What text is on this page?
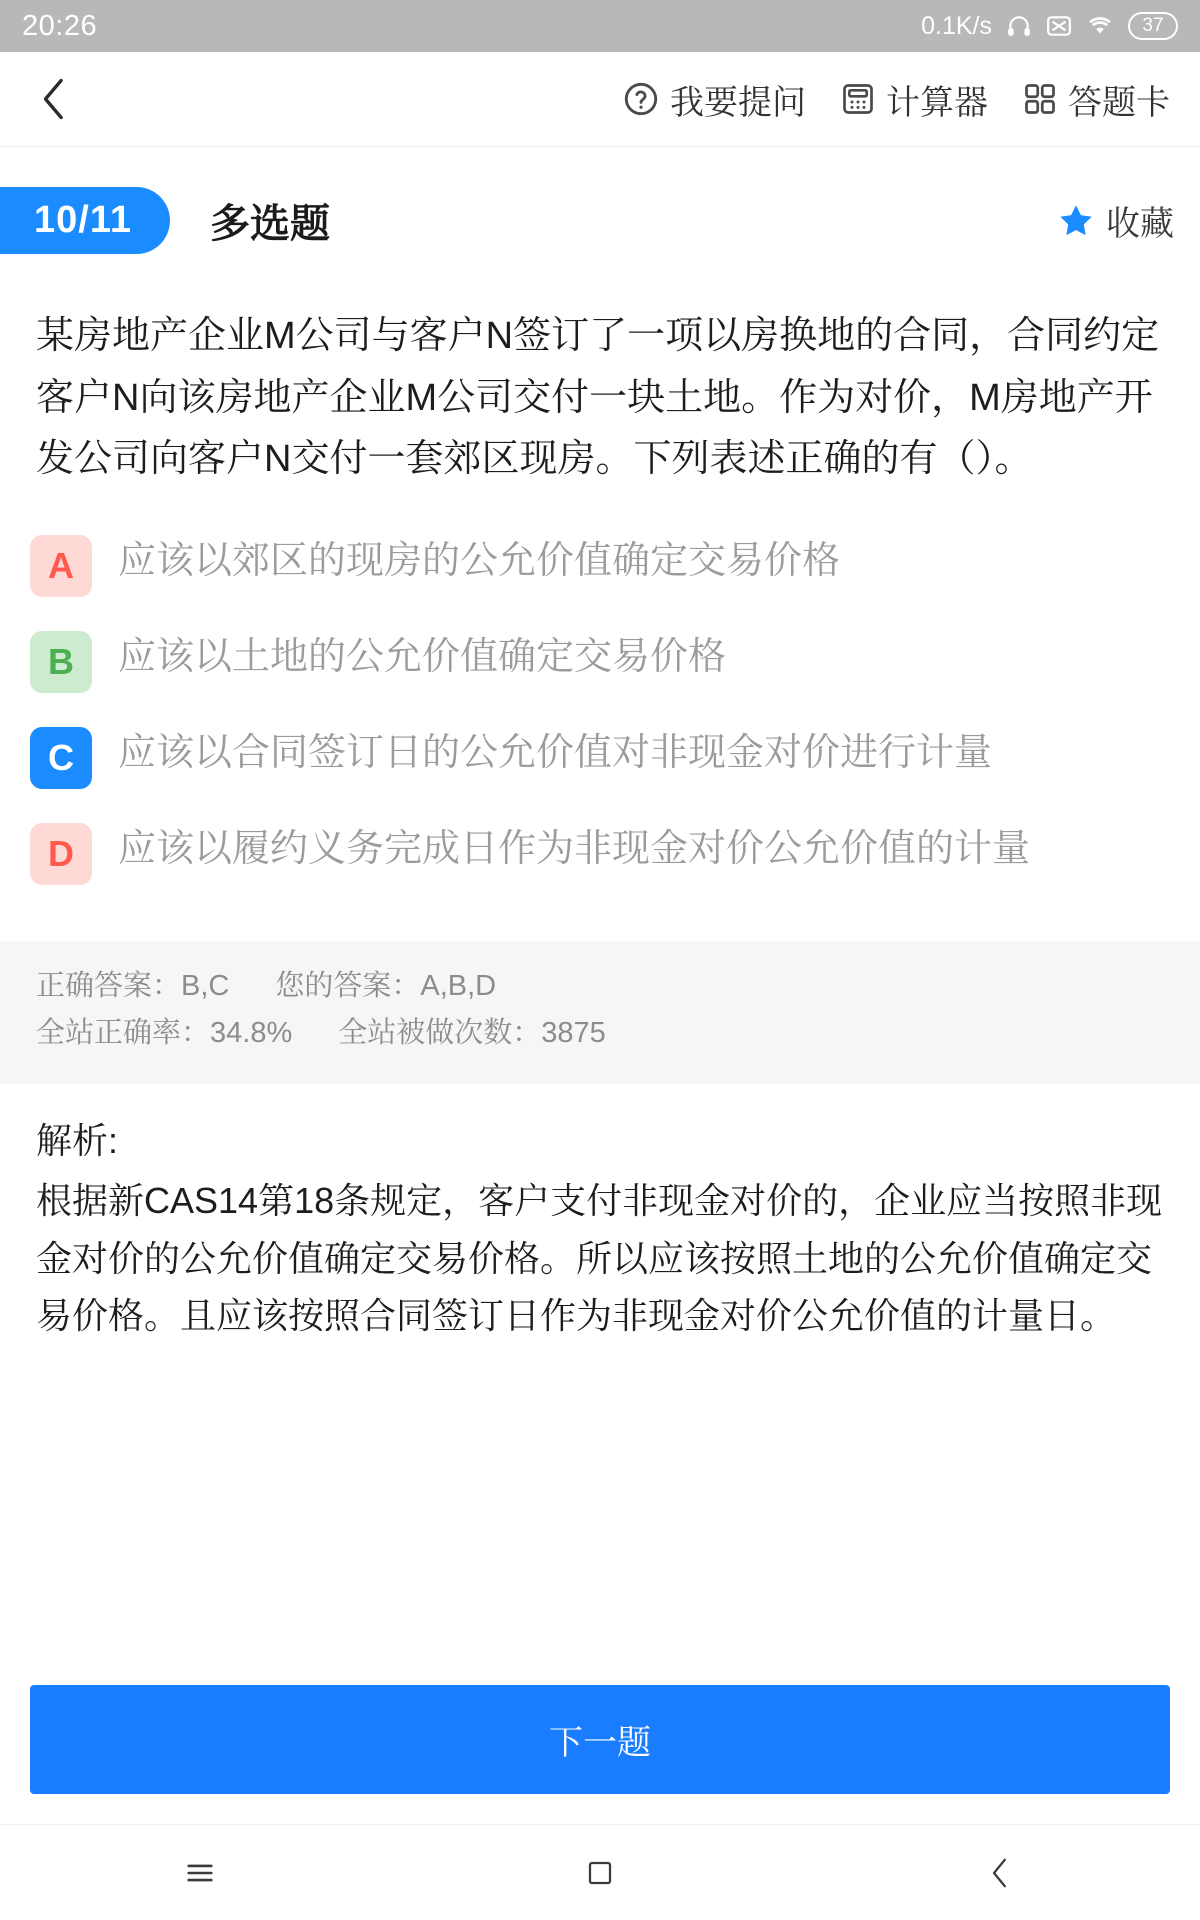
20:26	0.1K/s	37
我要提问 计算器 答题卡
10/11	多选题	收藏
某房地产企业M公司与客户N签订了一项以房换地的合同，合同约定客户N向该房地产企业M公司交付一块土地。作为对价，M房地产开发公司向客户N交付一套郊区现房。下列表述正确的有（）。
A	应该以郊区的现房的公允价值确定交易价格
B	应该以土地的公允价值确定交易价格
C	应该以合同签订日的公允价值对非现金对价进行计量
D	应该以履约义务完成日作为非现金对价公允价值的计量
正确答案：B,C 您的答案：A,B,D
全站正确率：34.8% 全站被做次数：3875
解析:
根据新CAS14第18条规定，客户支付非现金对价的，企业应当按照非现金对价的公允价值确定交易价格。所以应该按照土地的公允价值确定交易价格。且应该按照合同签订日作为非现金对价公允价值的计量日。
下一题
